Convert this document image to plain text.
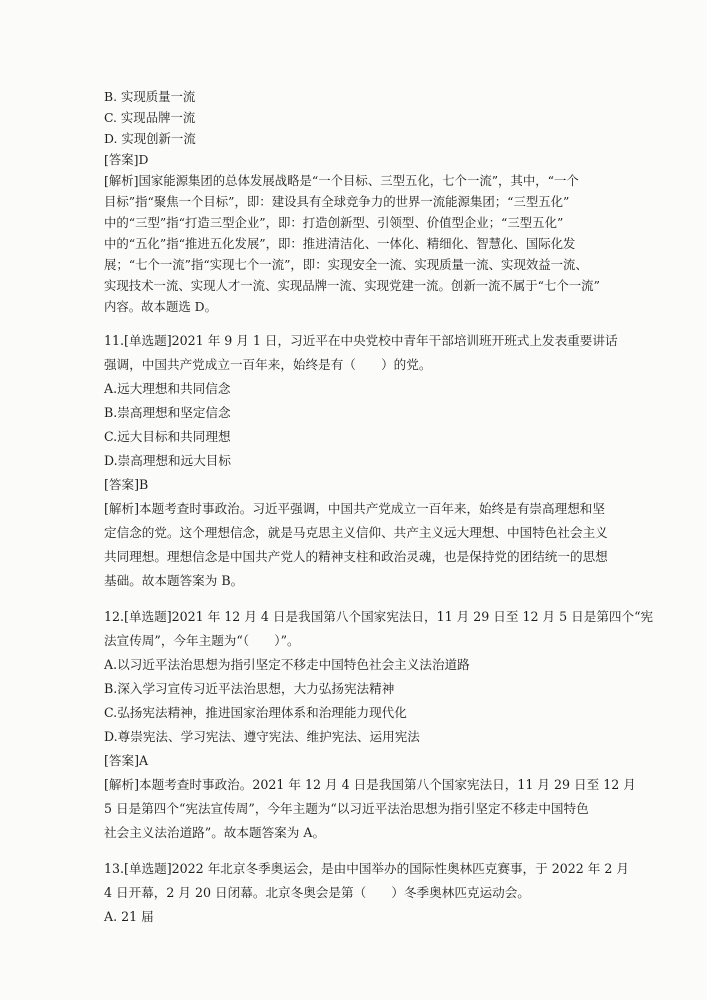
B. 实现质量一流
C. 实现品牌一流
D. 实现创新一流
[答案]D
[解析]国家能源集团的总体发展战略是“一个目标、三型五化，七个一流”，其中，“一个
目标”指“聚焦一个目标”，即：建设具有全球竞争力的世界一流能源集团；“三型五化”
中的“三型”指“打造三型企业”，即：打造创新型、引领型、价值型企业；“三型五化”
中的“五化”指“推进五化发展”，即：推进清洁化、一体化、精细化、智慧化、国际化发
展；“七个一流”指“实现七个一流”，即：实现安全一流、实现质量一流、实现效益一流、
实现技术一流、实现人才一流、实现品牌一流、实现党建一流。创新一流不属于“七个一流”
内容。故本题选 D。
11.[单选题]2021 年 9 月 1 日，习近平在中央党校中青年干部培训班开班式上发表重要讲话
强调，中国共产党成立一百年来，始终是有（　　）的党。
A.远大理想和共同信念
B.崇高理想和坚定信念
C.远大目标和共同理想
D.崇高理想和远大目标
[答案]B
[解析]本题考查时事政治。习近平强调，中国共产党成立一百年来，始终是有崇高理想和坚
定信念的党。这个理想信念，就是马克思主义信仰、共产主义远大理想、中国特色社会主义
共同理想。理想信念是中国共产党人的精神支柱和政治灵魂，也是保持党的团结统一的思想
基础。故本题答案为 B。
12.[单选题]2021 年 12 月 4 日是我国第八个国家宪法日，11 月 29 日至 12 月 5 日是第四个“宪
法宣传周”，今年主题为“（　　）”。
A.以习近平法治思想为指引坚定不移走中国特色社会主义法治道路
B.深入学习宣传习近平法治思想，大力弘扬宪法精神
C.弘扬宪法精神，推进国家治理体系和治理能力现代化
D.尊崇宪法、学习宪法、遵守宪法、维护宪法、运用宪法
[答案]A
[解析]本题考查时事政治。2021 年 12 月 4 日是我国第八个国家宪法日，11 月 29 日至 12 月
5 日是第四个“宪法宣传周”，今年主题为“以习近平法治思想为指引坚定不移走中国特色
社会主义法治道路”。故本题答案为 A。
13.[单选题]2022 年北京冬季奥运会，是由中国举办的国际性奥林匹克赛事，于 2022 年 2 月
4 日开幕，2 月 20 日闭幕。北京冬奥会是第（　　）冬季奥林匹克运动会。
A. 21 届
